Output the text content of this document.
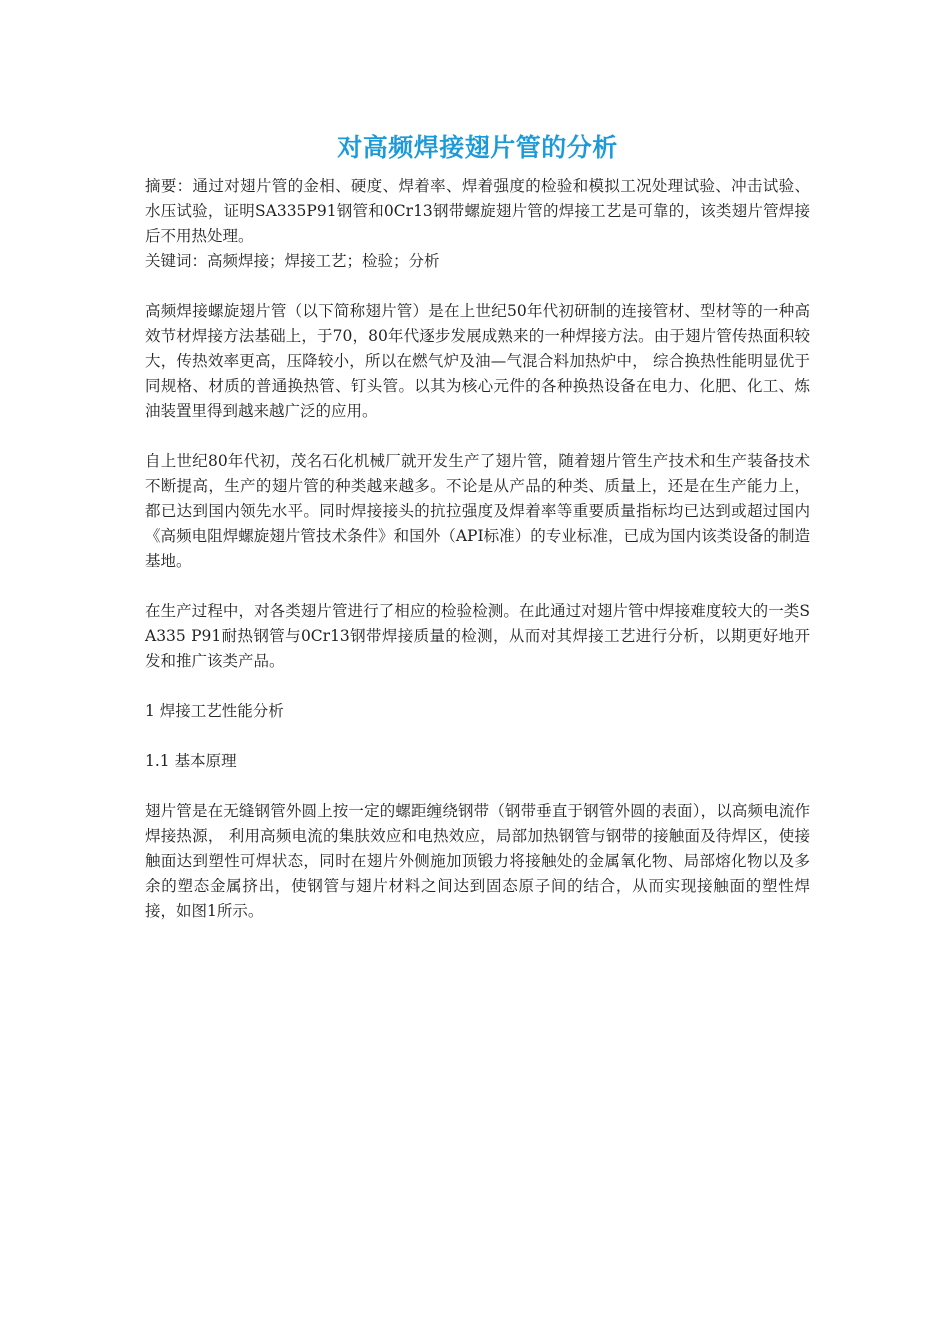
对高频焊接翅片管的分析

摘要：通过对翅片管的金相、硬度、焊着率、焊着强度的检验和模拟工况处理试验、冲击试验、水压试验，证明SA335P91钢管和0Cr13钢带螺旋翅片管的焊接工艺是可靠的，该类翅片管焊接后不用热处理。

关键词：高频焊接；焊接工艺；检验；分析

高频焊接螺旋翅片管（以下简称翅片管）是在上世纪50年代初研制的连接管材、型材等的一种高效节材焊接方法基础上，于70，80年代逐步发展成熟来的一种焊接方法。由于翅片管传热面积较大，传热效率更高，压降较小，所以在燃气炉及油—气混合料加热炉中， 综合换热性能明显优于同规格、材质的普通换热管、钉头管。以其为核心元件的各种换热设备在电力、化肥、化工、炼油装置里得到越来越广泛的应用。

自上世纪80年代初，茂名石化机械厂就开发生产了翅片管，随着翅片管生产技术和生产装备技术不断提高，生产的翅片管的种类越来越多。不论是从产品的种类、质量上，还是在生产能力上，都已达到国内领先水平。同时焊接接头的抗拉强度及焊着率等重要质量指标均已达到或超过国内《高频电阻焊螺旋翅片管技术条件》和国外（API标准）的专业标准，已成为国内该类设备的制造基地。

在生产过程中，对各类翅片管进行了相应的检验检测。在此通过对翅片管中焊接难度较大的一类SA335 P91耐热钢管与0Cr13钢带焊接质量的检测，从而对其焊接工艺进行分析，以期更好地开发和推广该类产品。

1 焊接工艺性能分析

1.1 基本原理

翅片管是在无缝钢管外圆上按一定的螺距缠绕钢带（钢带垂直于钢管外圆的表面），以高频电流作焊接热源， 利用高频电流的集肤效应和电热效应，局部加热钢管与钢带的接触面及待焊区，使接触面达到塑性可焊状态，同时在翅片外侧施加顶锻力将接触处的金属氧化物、局部熔化物以及多余的塑态金属挤出，使钢管与翅片材料之间达到固态原子间的结合，从而实现接触面的塑性焊接，如图1所示。
